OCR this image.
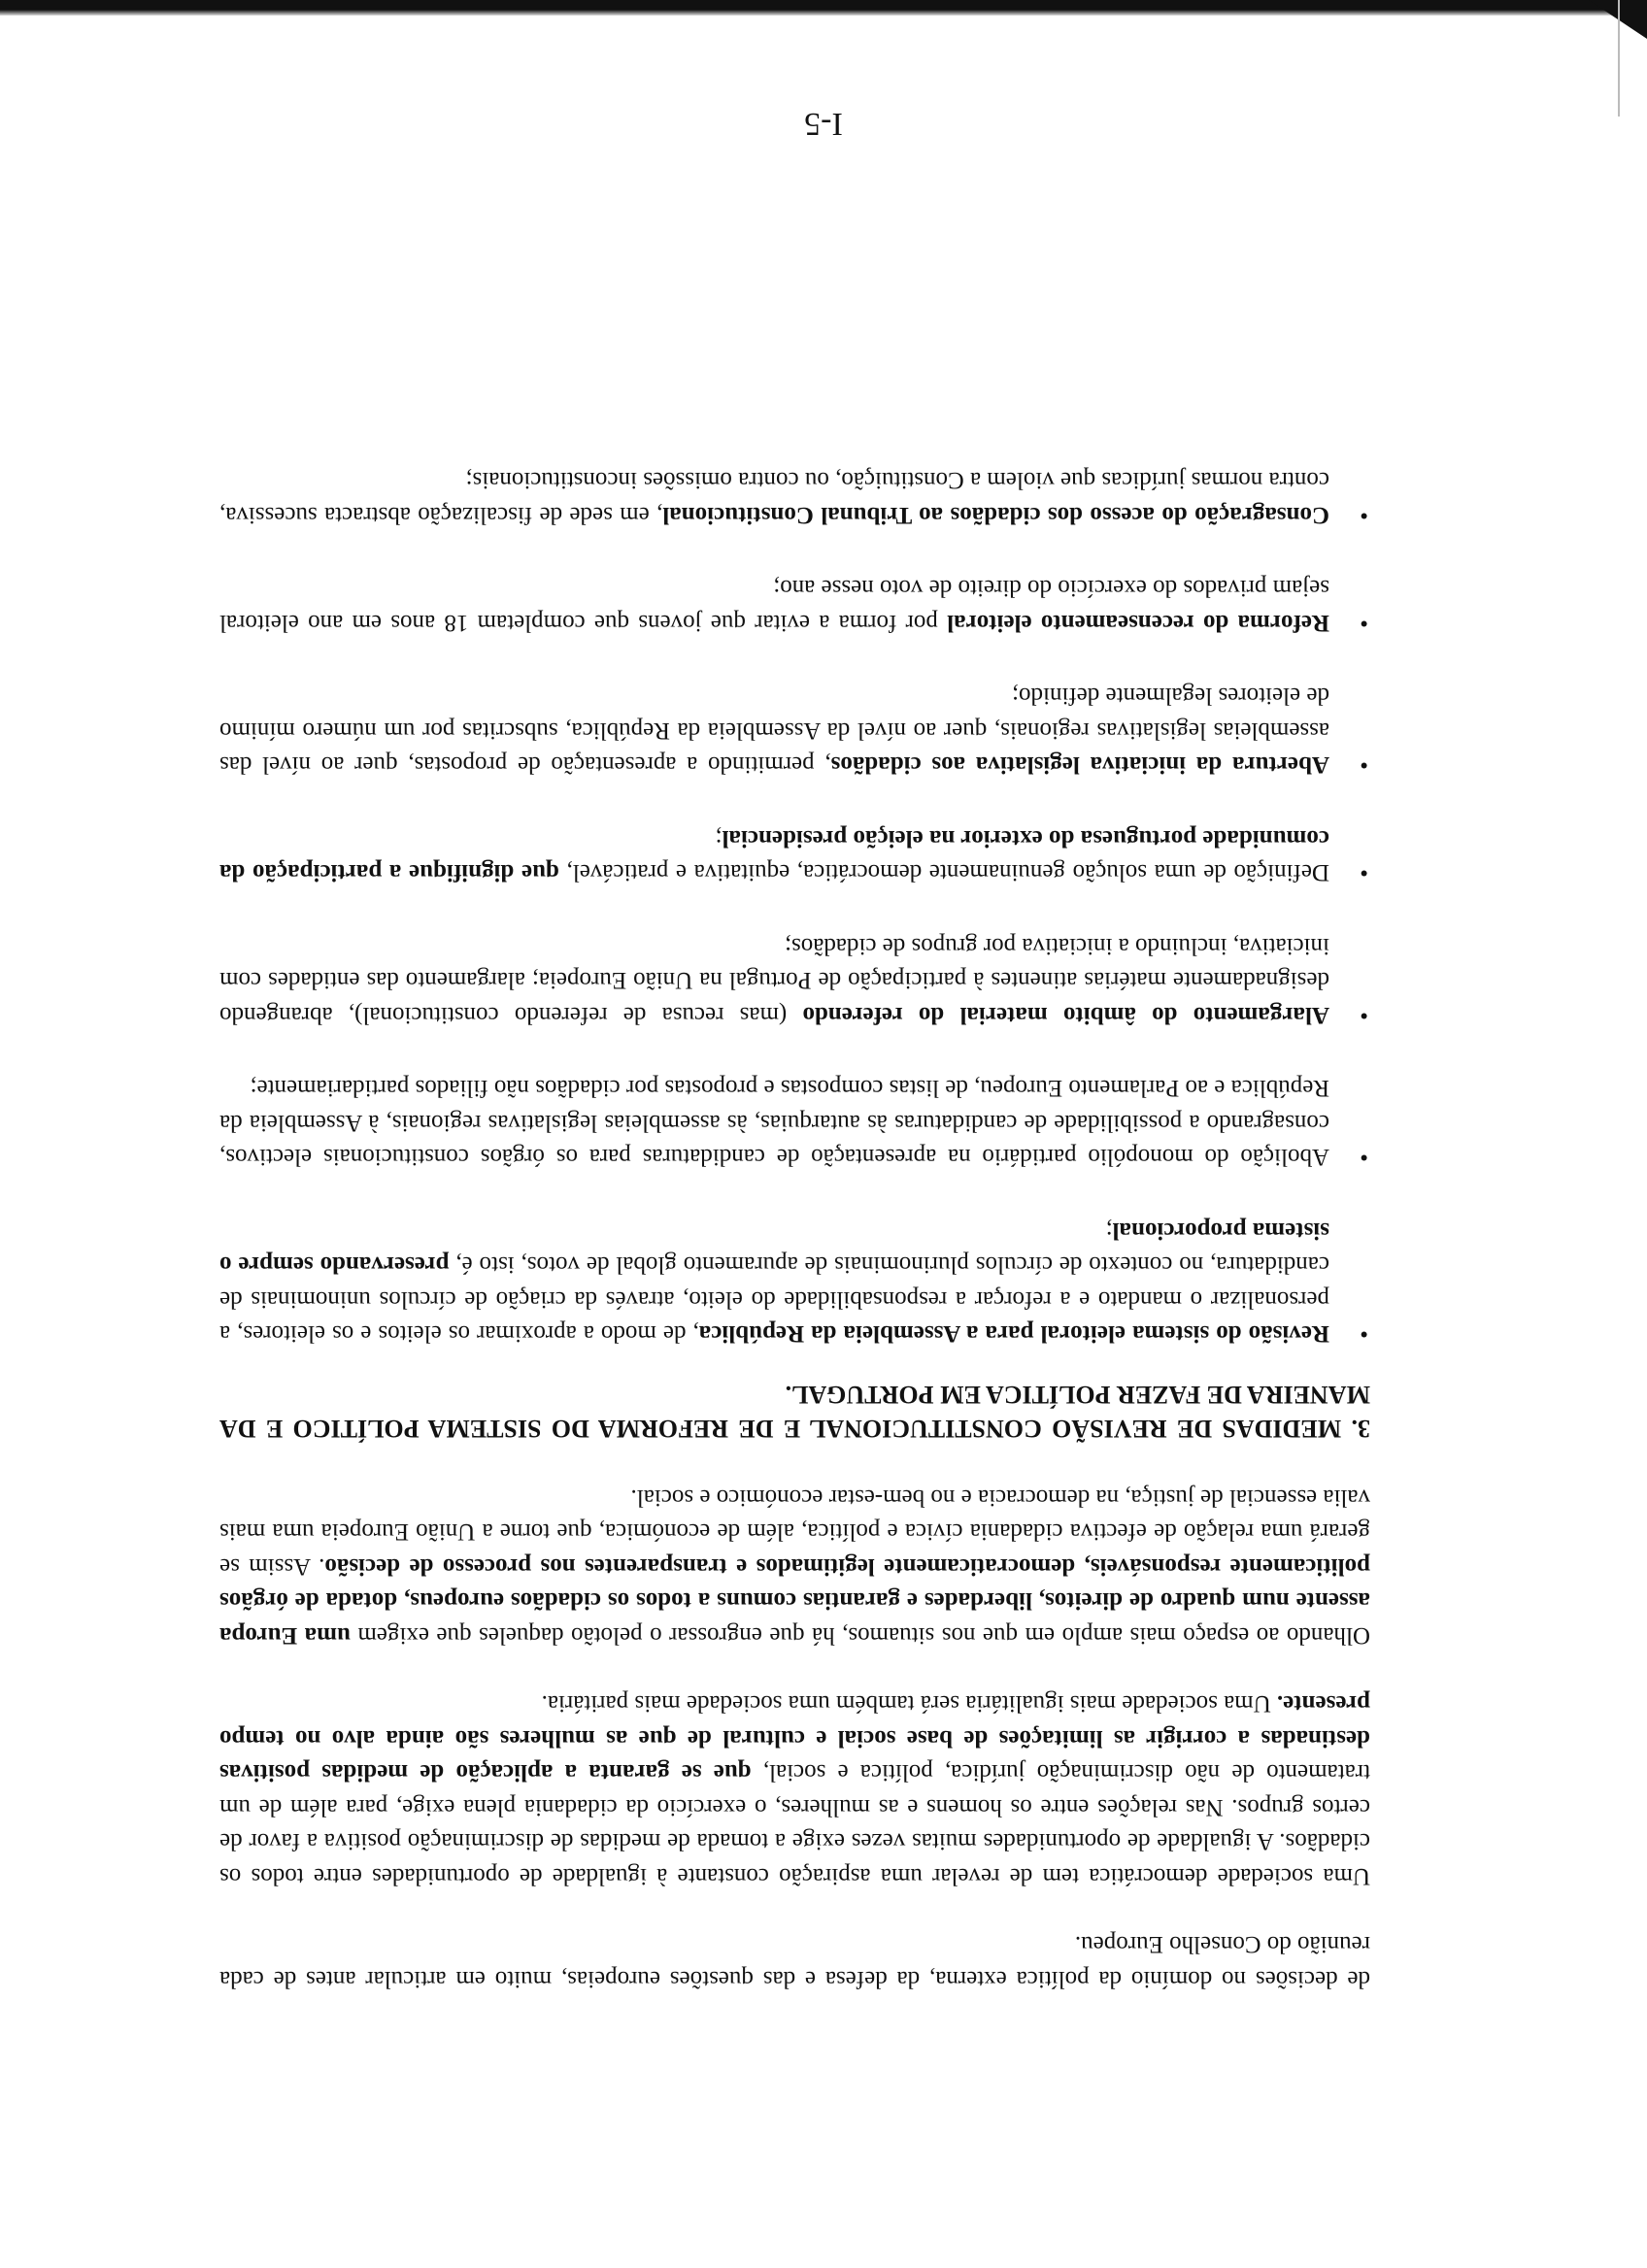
de decisões no domínio da política externa, da defesa e das questões europeias, muito em articular antes de cada reunião do Conselho Europeu.

Uma sociedade democrática tem de revelar uma aspiração constante à igualdade de oportunidades entre todos os cidadãos. A igualdade de oportunidades muitas vezes exige a tomada de medidas de discriminação positiva a favor de certos grupos. Nas relações entre os homens e as mulheres, o exercício da cidadania plena exige, para além de um tratamento de não discriminação jurídica, política e social, que se garanta a aplicação de medidas positivas destinadas a corrigir as limitações de base social e cultural de que as mulheres são ainda alvo no tempo presente. Uma sociedade mais igualitária será também uma sociedade mais paritária.

Olhando ao espaço mais amplo em que nos situamos, há que engrossar o pelotão daqueles que exigem uma Europa assente num quadro de direitos, liberdades e garantias comuns a todos os cidadãos europeus, dotada de órgãos politicamente responsáveis, democraticamente legitimados e transparentes nos processo de decisão. Assim se gerará uma relação de efectiva cidadania cívica e política, além de económica, que torne a União Europeia uma mais valia essencial de justiça, na democracia e no bem-estar económico e social.

3. MEDIDAS DE REVISÃO CONSTITUCIONAL E DE REFORMA DO SISTEMA POLÍTICO E DA MANEIRA DE FAZER POLÍTICA EM PORTUGAL.
•
Revisão do sistema eleitoral para a Assembleia da República, de modo a aproximar os eleitos e os eleitores, a personalizar o mandato e a reforçar a responsabilidade do eleito, através da criação de círculos uninominais de candidatura, no contexto de círculos plurinominais de apuramento global de votos, isto é, preservando sempre o sistema proporcional;
•
Abolição do monopólio partidário na apresentação de candidaturas para os órgãos constitucionais electivos, consagrando a possibilidade de candidaturas às autarquias, às assembleias legislativas regionais, à Assembleia da República e ao Parlamento Europeu, de listas compostas e propostas por cidadãos não filiados partidariamente;
•
Alargamento do âmbito material do referendo (mas recusa de referendo constitucional), abrangendo designadamente matérias atinentes à participação de Portugal na União Europeia; alargamento das entidades com iniciativa, incluindo a iniciativa por grupos de cidadãos;
•
Definição de uma solução genuinamente democrática, equitativa e praticável, que dignifique a participação da comunidade portuguesa do exterior na eleição presidencial;
•
Abertura da iniciativa legislativa aos cidadãos, permitindo a apresentação de propostas, quer ao nível das assembleias legislativas regionais, quer ao nível da Assembleia da República, subscritas por um número mínimo de eleitores legalmente definido;
•
Reforma do recenseamento eleitoral por forma a evitar que jovens que completam 18 anos em ano eleitoral sejam privados do exercício do direito de voto nesse ano;
•
Consagração do acesso dos cidadãos ao Tribunal Constitucional, em sede de fiscalização abstracta sucessiva, contra normas jurídicas que violem a Constituição, ou contra omissões inconstitucionais;
I-5
